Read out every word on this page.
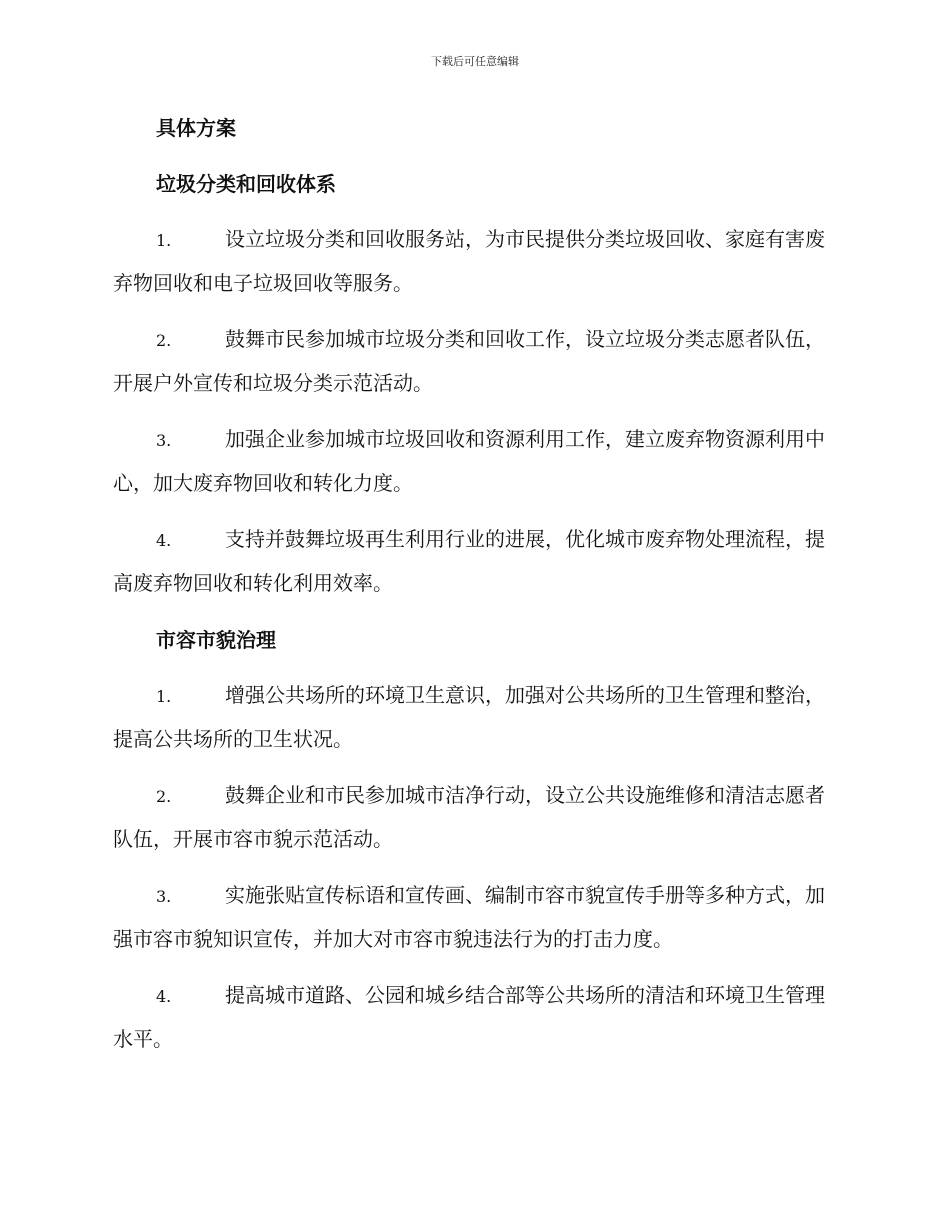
下载后可任意编辑
具体方案
垃圾分类和回收体系

1.	设立垃圾分类和回收服务站，为市民提供分类垃圾回收、家庭有害废弃物回收和电子垃圾回收等服务。

2.	鼓舞市民参加城市垃圾分类和回收工作，设立垃圾分类志愿者队伍，开展户外宣传和垃圾分类示范活动。

3.	加强企业参加城市垃圾回收和资源利用工作，建立废弃物资源利用中心，加大废弃物回收和转化力度。

4.	支持并鼓舞垃圾再生利用行业的进展，优化城市废弃物处理流程，提高废弃物回收和转化利用效率。

市容市貌治理

1.	增强公共场所的环境卫生意识，加强对公共场所的卫生管理和整治，提高公共场所的卫生状况。

2.	鼓舞企业和市民参加城市洁净行动，设立公共设施维修和清洁志愿者队伍，开展市容市貌示范活动。

3.	实施张贴宣传标语和宣传画、编制市容市貌宣传手册等多种方式，加强市容市貌知识宣传，并加大对市容市貌违法行为的打击力度。

4.	提高城市道路、公园和城乡结合部等公共场所的清洁和环境卫生管理水平。
